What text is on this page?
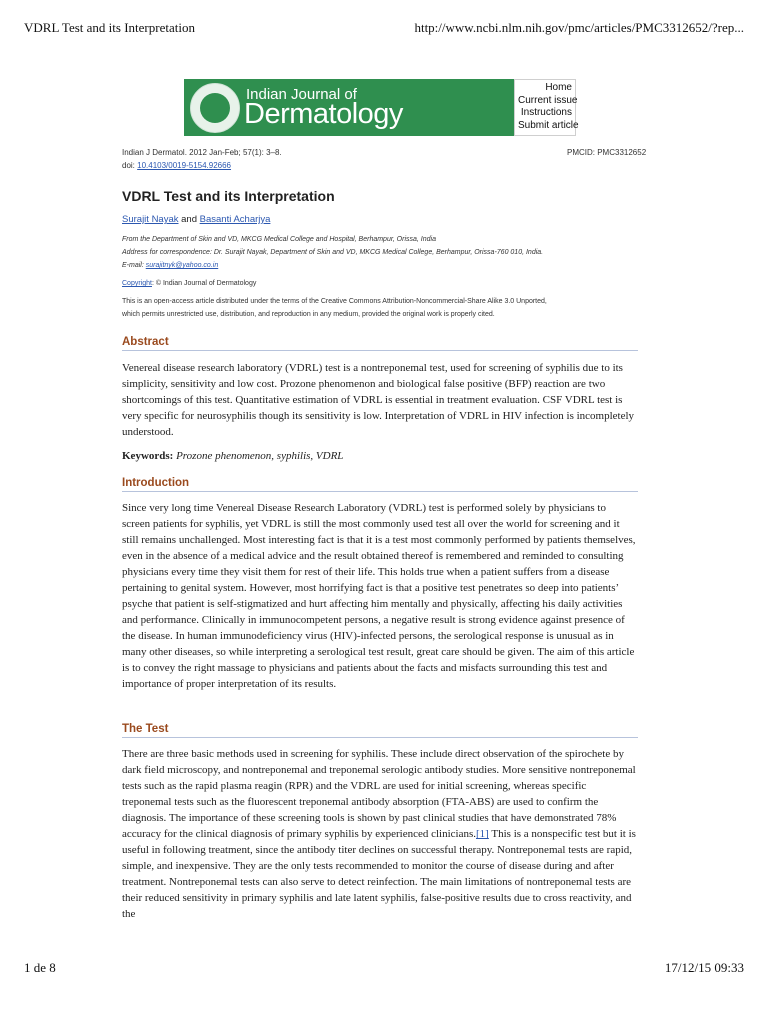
VDRL Test and its Interpretation	http://www.ncbi.nlm.nih.gov/pmc/articles/PMC3312652/?rep...
Indian Journal of
Dermatology
Home
Current issue
Instructions
Submit article
Indian J Dermatol. 2012 Jan-Feb; 57(1): 3–8.	PMCID: PMC3312652
doi: 10.4103/0019-5154.92666
VDRL Test and its Interpretation
Surajit Nayak and Basanti Acharjya
From the Department of Skin and VD, MKCG Medical College and Hospital, Berhampur, Orissa, India
Address for correspondence: Dr. Surajit Nayak, Department of Skin and VD, MKCG Medical College, Berhampur, Orissa-760 010, India.
E-mail: surajitnyk@yahoo.co.in
Copyright: © Indian Journal of Dermatology
This is an open-access article distributed under the terms of the Creative Commons Attribution-Noncommercial-Share Alike 3.0 Unported,
which permits unrestricted use, distribution, and reproduction in any medium, provided the original work is properly cited.
Abstract
Venereal disease research laboratory (VDRL) test is a nontreponemal test, used for screening of syphilis due to its simplicity, sensitivity and low cost. Prozone phenomenon and biological false positive (BFP) reaction are two shortcomings of this test. Quantitative estimation of VDRL is essential in treatment evaluation. CSF VDRL test is very specific for neurosyphilis though its sensitivity is low. Interpretation of VDRL in HIV infection is incompletely understood.
Keywords: Prozone phenomenon, syphilis, VDRL
Introduction
Since very long time Venereal Disease Research Laboratory (VDRL) test is performed solely by physicians to screen patients for syphilis, yet VDRL is still the most commonly used test all over the world for screening and it still remains unchallenged. Most interesting fact is that it is a test most commonly performed by patients themselves, even in the absence of a medical advice and the result obtained thereof is remembered and reminded to consulting physicians every time they visit them for rest of their life. This holds true when a patient suffers from a disease pertaining to genital system. However, most horrifying fact is that a positive test penetrates so deep into patients’ psyche that patient is self-stigmatized and hurt affecting him mentally and physically, affecting his daily activities and performance. Clinically in immunocompetent persons, a negative result is strong evidence against presence of the disease. In human immunodeficiency virus (HIV)-infected persons, the serological response is unusual as in many other diseases, so while interpreting a serological test result, great care should be given. The aim of this article is to convey the right massage to physicians and patients about the facts and misfacts surrounding this test and importance of proper interpretation of its results.
The Test
There are three basic methods used in screening for syphilis. These include direct observation of the spirochete by dark field microscopy, and nontreponemal and treponemal serologic antibody studies. More sensitive nontreponemal tests such as the rapid plasma reagin (RPR) and the VDRL are used for initial screening, whereas specific treponemal tests such as the fluorescent treponemal antibody absorption (FTA-ABS) are used to confirm the diagnosis. The importance of these screening tools is shown by past clinical studies that have demonstrated 78% accuracy for the clinical diagnosis of primary syphilis by experienced clinicians.[1] This is a nonspecific test but it is useful in following treatment, since the antibody titer declines on successful therapy. Nontreponemal tests are rapid, simple, and inexpensive. They are the only tests recommended to monitor the course of disease during and after treatment. Nontreponemal tests can also serve to detect reinfection. The main limitations of nontreponemal tests are their reduced sensitivity in primary syphilis and late latent syphilis, false-positive results due to cross reactivity, and the
1 de 8	17/12/15 09:33
